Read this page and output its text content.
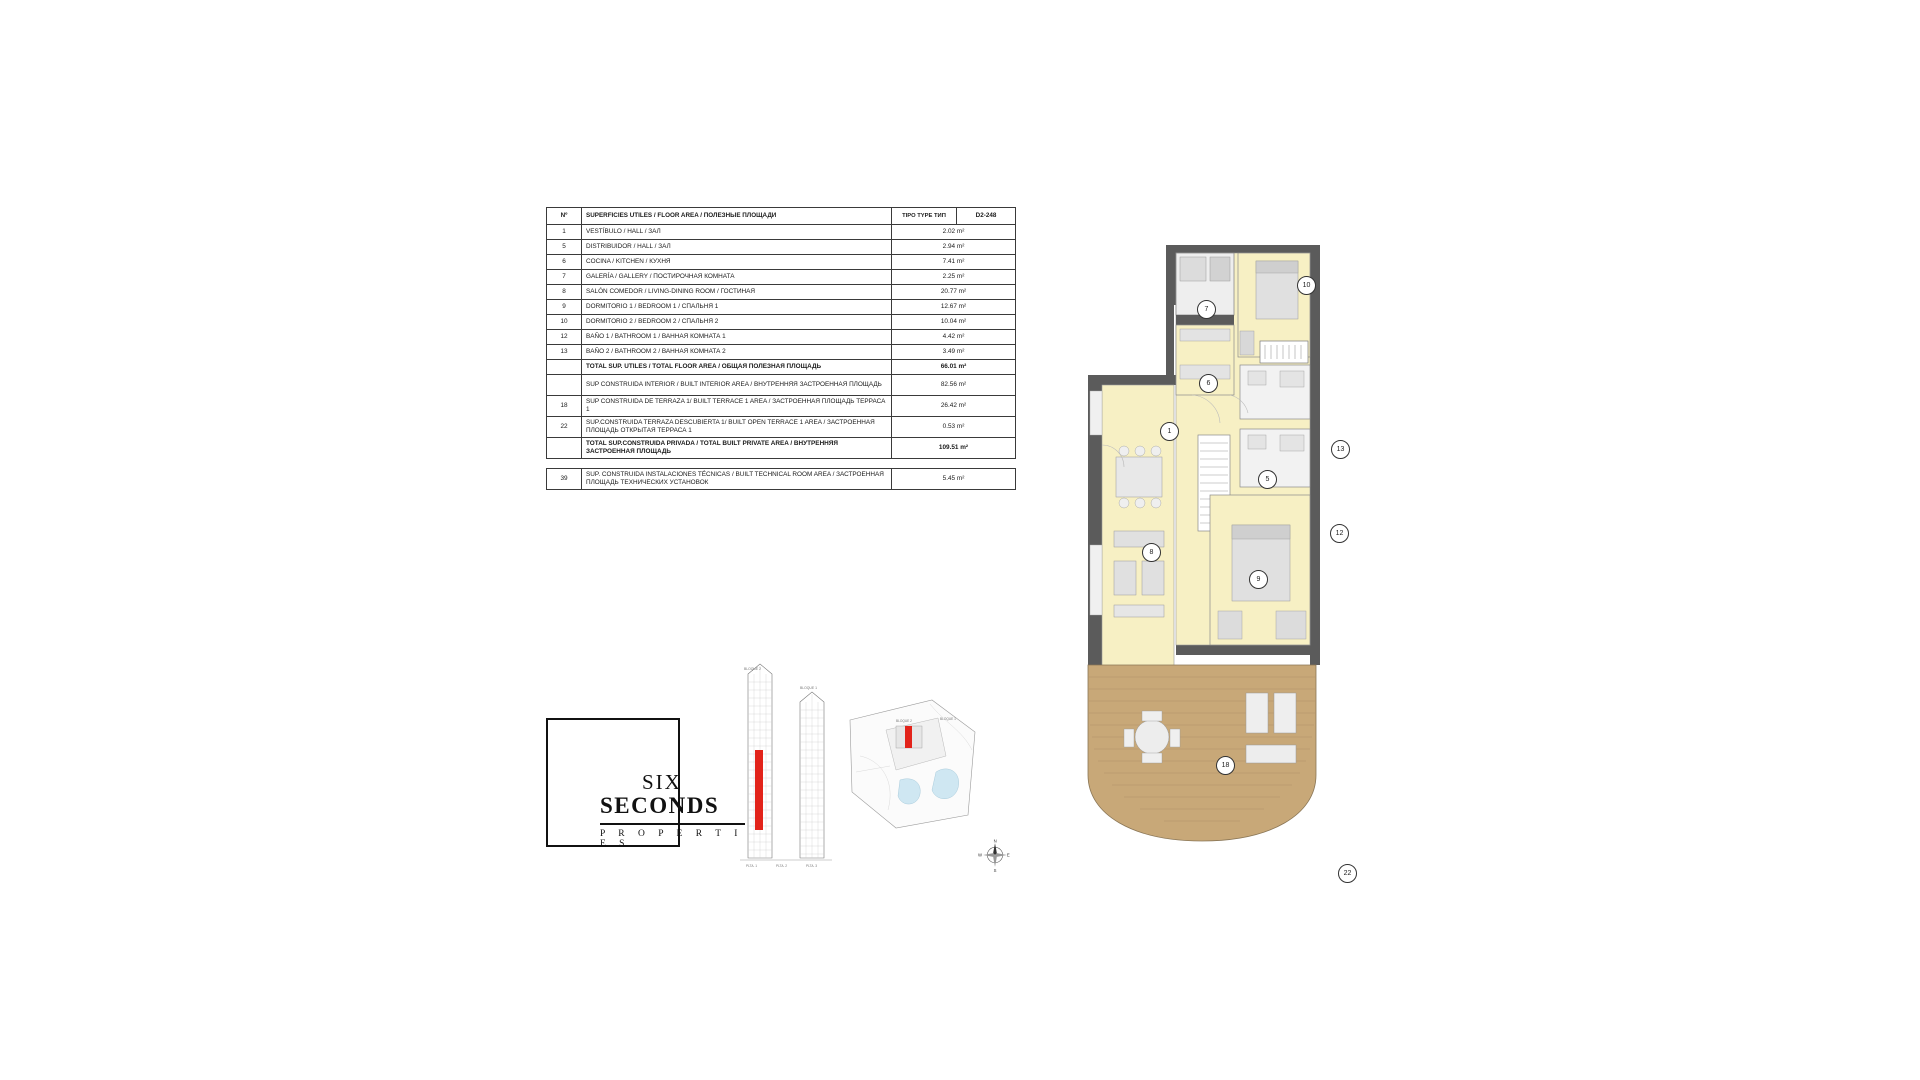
Nº	SUPERFICIES UTILES / FLOOR AREA / ПОЛЕЗНЫЕ ПЛОЩАДИ	TIPO TYPE ТИП	D2-248
1	VESTÍBULO / HALL / ЗАЛ	2.02 m²	
5	DISTRIBUIDOR / HALL / ЗАЛ	2.94 m²	
6	COCINA / KITCHEN / КУХНЯ	7.41 m²	
7	GALERÍA / GALLERY / ПОСТИРОЧНАЯ КОМНАТА	2.25 m²	
8	SALÓN COMEDOR / LIVING-DINING ROOM / ГОСТИНАЯ	20.77 m²	
9	DORMITORIO 1 / BEDROOM 1 / СПАЛЬНЯ 1	12.67 m²	
10	DORMITORIO 2 / BEDROOM 2 / СПАЛЬНЯ 2	10.04 m²	
12	BAÑO 1 / BATHROOM 1 / ВАННАЯ КОМНАТА 1	4.42 m²	
13	BAÑO 2 / BATHROOM 2 / ВАННАЯ КОМНАТА 2	3.49 m²	
	TOTAL SUP. UTILES / TOTAL FLOOR AREA / ОБЩАЯ ПОЛЕЗНАЯ ПЛОЩАДЬ	66.01 m²	
	SUP CONSTRUIDA INTERIOR / BUILT INTERIOR AREA / ВНУТРЕННЯЯ ЗАСТРОЕННАЯ ПЛОЩАДЬ	82.56 m²	
18	SUP CONSTRUIDA DE TERRAZA 1/ BUILT TERRACE 1 AREA / ЗАСТРОЕННАЯ ПЛОЩАДЬ ТЕРРАСА 1	26.42 m²	
22	SUP.CONSTRUIDA TERRAZA DESCUBIERTA 1/ BUILT OPEN TERRACE 1 AREA / ЗАСТРОЕННАЯ ПЛОЩАДЬ ОТКРЫТАЯ ТЕРРАСА 1	0.53 m²	
	TOTAL SUP.CONSTRUIDA PRIVADA / TOTAL BUILT PRIVATE AREA / ВНУТРЕННЯЯ ЗАСТРОЕННАЯ ПЛОЩАДЬ	109.51 m²	

39	SUP. CONSTRUIDA INSTALACIONES TÉCNICAS / BUILT TECHNICAL ROOM AREA / ЗАСТРОЕННАЯ ПЛОЩАДЬ ТЕХНИЧЕСКИХ УСТАНОВОК	5.45 m²	
SIX
SECONDS
P R O P E R T I E S
PLTA. 1	PLTA. 2	PLTA. 3
BLOQUE 2
BLOQUE 1
BLOQUE 2	BLOQUE 1
N
S
W	E
1
5
6
7
8
9
10
12
13
18
22
